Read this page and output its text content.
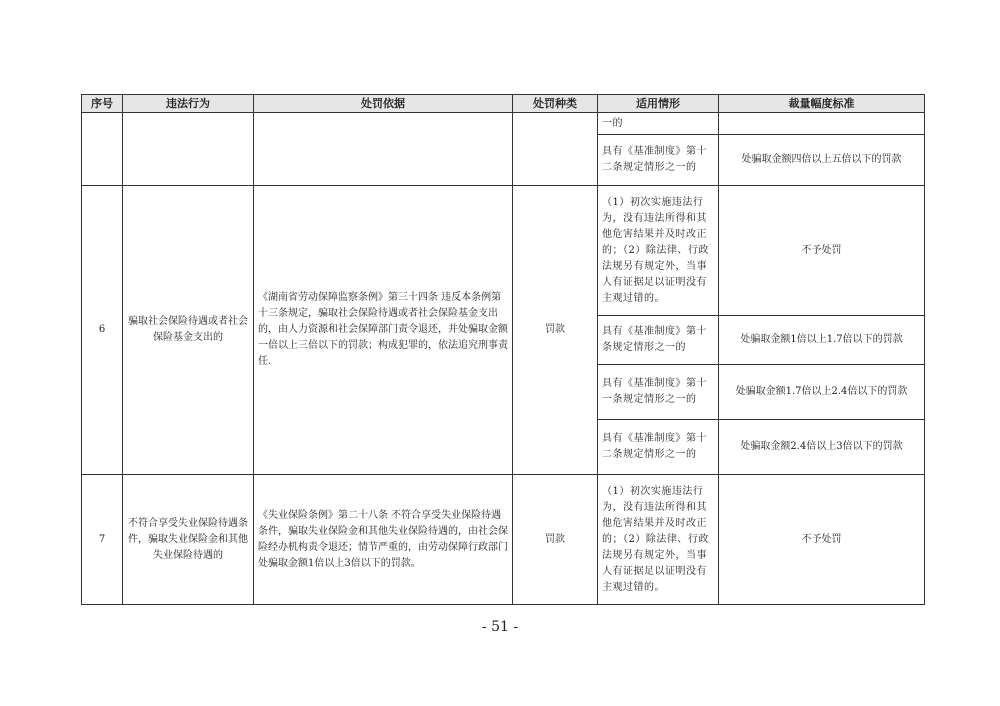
序号	违法行为	处罚依据	处罚种类	适用情形	裁量幅度标准
				一的	
				具有《基准制度》第十二条规定情形之一的	处骗取金额四倍以上五倍以下的罚款
6	骗取社会保险待遇或者社会保险基金支出的	《湖南省劳动保障监察条例》第三十四条 违反本条例第十三条规定，骗取社会保险待遇或者社会保险基金支出的，由人力资源和社会保障部门责令退还，并处骗取金额一倍以上三倍以下的罚款；构成犯罪的，依法追究刑事责任.	罚款	（1）初次实施违法行为，没有违法所得和其他危害结果并及时改正的；（2）除法律、行政法规另有规定外，当事人有证据足以证明没有主观过错的。	不予处罚
				具有《基准制度》第十条规定情形之一的	处骗取金额1倍以上1.7倍以下的罚款
				具有《基准制度》第十一条规定情形之一的	处骗取金额1.7倍以上2.4倍以下的罚款
				具有《基准制度》第十二条规定情形之一的	处骗取金额2.4倍以上3倍以下的罚款
7	不符合享受失业保险待遇条件，骗取失业保险金和其他失业保险待遇的	《失业保险条例》第二十八条 不符合享受失业保险待遇条件，骗取失业保险金和其他失业保险待遇的，由社会保险经办机构责令退还；情节严重的，由劳动保障行政部门处骗取金额1倍以上3倍以下的罚款。	罚款	（1）初次实施违法行为，没有违法所得和其他危害结果并及时改正的；（2）除法律、行政法规另有规定外，当事人有证据足以证明没有主观过错的。	不予处罚
- 51 -
